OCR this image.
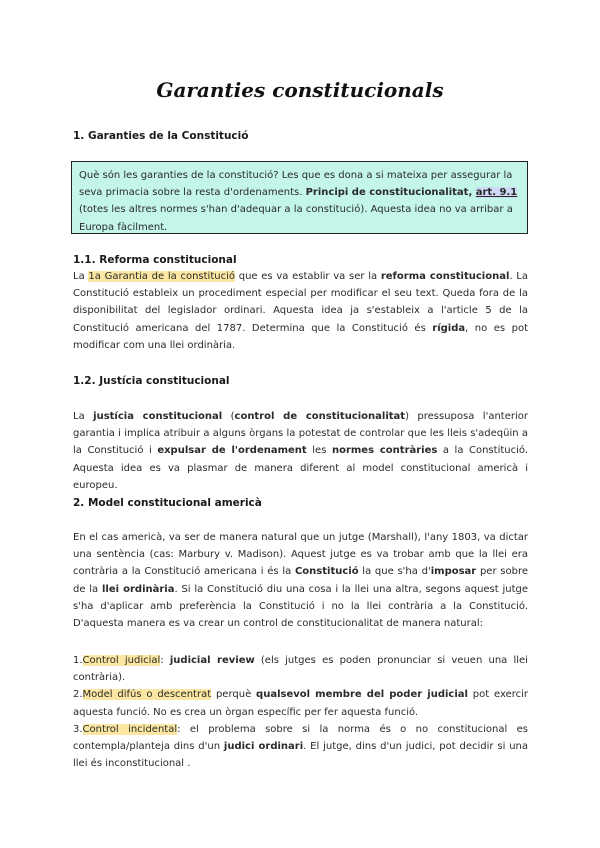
Garanties constitucionals
1. Garanties de la Constitució
Què són les garanties de la constitució? Les que es dona a si mateixa per assegurar la seva primacia sobre la resta d'ordenaments. Principi de constitucionalitat, art. 9.1 (totes les altres normes s'han d'adequar a la constitució). Aquesta idea no va arribar a Europa fàcilment.
1.1. Reforma constitucional
La 1a Garantia de la constitució que es va establir va ser la reforma constitucional. La Constitució estableix un procediment especial per modificar el seu text. Queda fora de la disponibilitat del legislador ordinari. Aquesta idea ja s'estableix a l'article 5 de la Constitució americana del 1787. Determina que la Constitució és rígida, no es pot modificar com una llei ordinària.
1.2. Justícia constitucional
La justícia constitucional (control de constitucionalitat) pressuposa l'anterior garantia i implica atribuir a alguns òrgans la potestat de controlar que les lleis s'adeqüin a la Constitució i expulsar de l'ordenament les normes contràries a la Constitució. Aquesta idea es va plasmar de manera diferent al model constitucional americà i europeu.
2. Model constitucional americà
En el cas americà, va ser de manera natural que un jutge (Marshall), l'any 1803, va dictar una sentència (cas: Marbury v. Madison). Aquest jutge es va trobar amb que la llei era contrària a la Constitució americana i és la Constitució la que s'ha d'imposar per sobre de la llei ordinària. Si la Constitució diu una cosa i la llei una altra, segons aquest jutge s'ha d'aplicar amb preferència la Constitució i no la llei contrària a la Constitució. D'aquesta manera es va crear un control de constitucionalitat de manera natural:
1.Control judicial: judicial review (els jutges es poden pronunciar si veuen una llei contrària).
2.Model difús o descentrat perquè qualsevol membre del poder judicial pot exercir aquesta funció. No es crea un òrgan específic per fer aquesta funció.
3.Control incidental: el problema sobre si la norma és o no constitucional es contempla/planteja dins d'un judici ordinari. El jutge, dins d'un judici, pot decidir si una llei és inconstitucional .
